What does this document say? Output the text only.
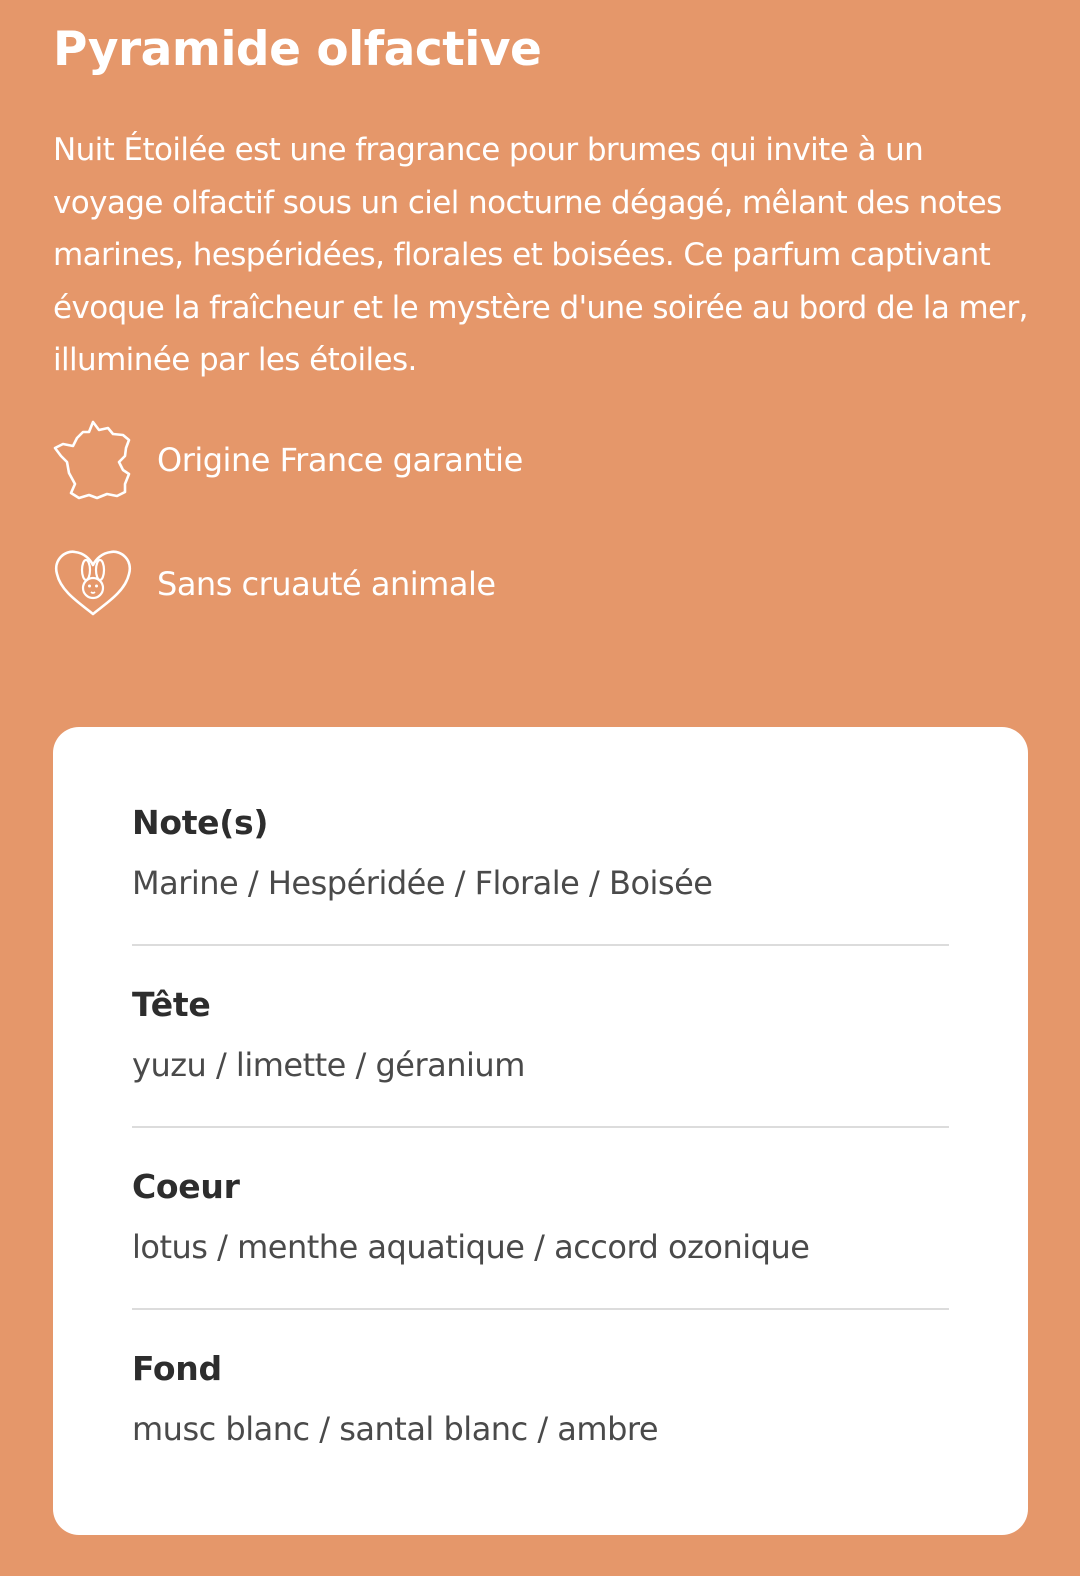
Pyramide olfactive

Nuit Étoilée est une fragrance pour brumes qui invite à un voyage olfactif sous un ciel nocturne dégagé, mêlant des notes marines, hespéridées, florales et boisées. Ce parfum captivant évoque la fraîcheur et le mystère d'une soirée au bord de la mer, illuminée par les étoiles.

Origine France garantie
Sans cruauté animale
Note(s)
Marine / Hespéridée / Florale / Boisée
Tête
yuzu / limette / géranium
Coeur
lotus / menthe aquatique / accord ozonique
Fond
musc blanc / santal blanc / ambre
